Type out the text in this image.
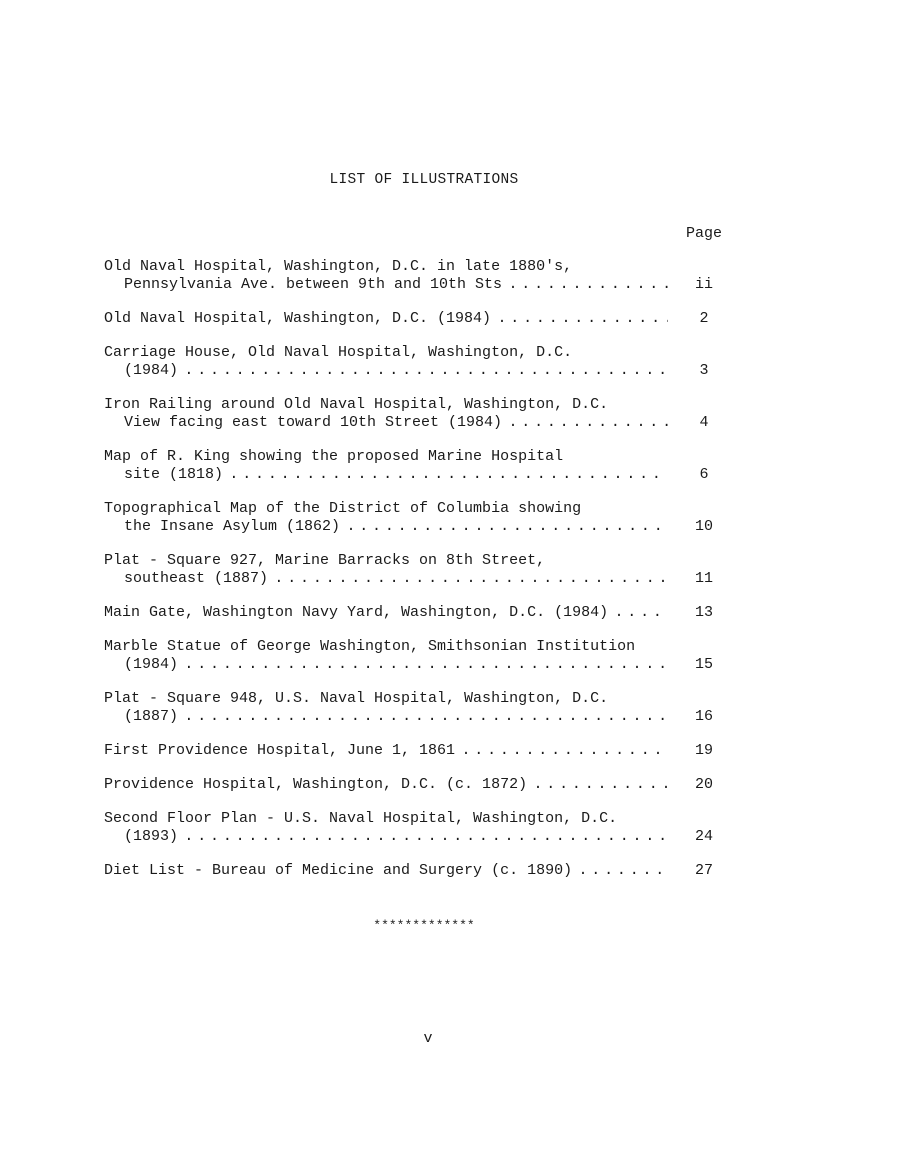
LIST OF ILLUSTRATIONS
Page
Old Naval Hospital, Washington, D.C. in late 1880's,
Pennsylvania Ave. between 9th and 10th Sts . . .	ii
Old Naval Hospital, Washington, D.C. (1984) . . .	2
Carriage House, Old Naval Hospital, Washington, D.C.
(1984) . . .	3
Iron Railing around Old Naval Hospital, Washington, D.C.
View facing east toward 10th Street (1984) . . .	4
Map of R. King showing the proposed Marine Hospital
site (1818) . . .	6
Topographical Map of the District of Columbia showing
the Insane Asylum (1862) . . .	10
Plat - Square 927, Marine Barracks on 8th Street,
southeast (1887) . . .	11
Main Gate, Washington Navy Yard, Washington, D.C. (1984) . . .	13
Marble Statue of George Washington, Smithsonian Institution
(1984) . . .	15
Plat - Square 948, U.S. Naval Hospital, Washington, D.C.
(1887) . . .	16
First Providence Hospital, June 1, 1861 . . .	19
Providence Hospital, Washington, D.C. (c. 1872) . . .	20
Second Floor Plan - U.S. Naval Hospital, Washington, D.C.
(1893) . . .	24
Diet List - Bureau of Medicine and Surgery (c. 1890) . . .	27
*************
v
